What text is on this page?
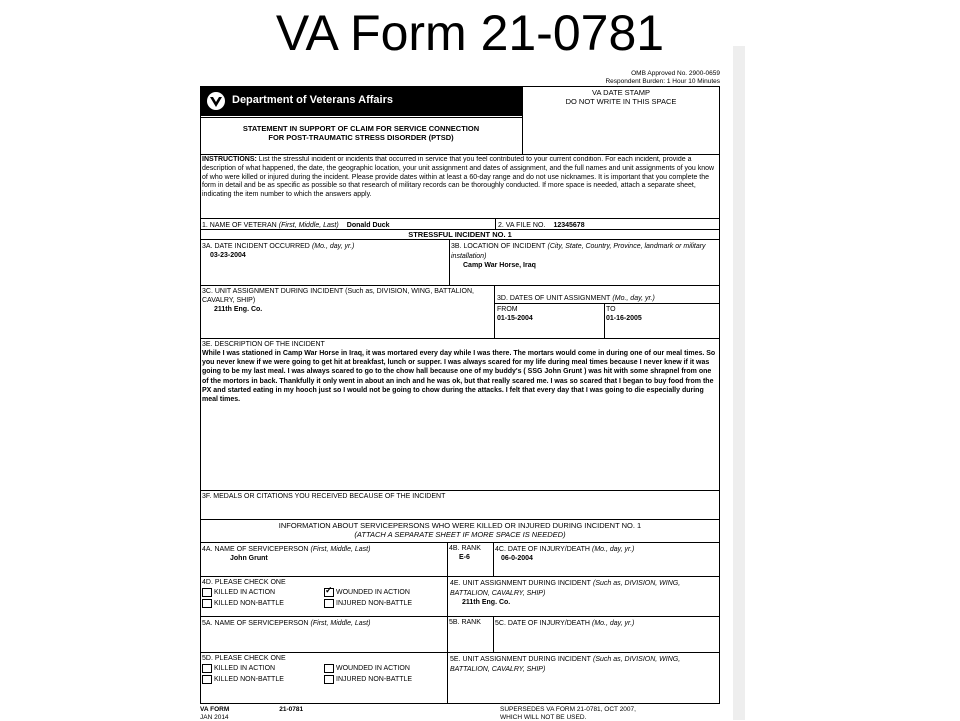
VA Form 21-0781
OMB Approved No. 2900-0659
Respondent Burden: 1 Hour 10 Minutes
Department of Veterans Affairs
STATEMENT IN SUPPORT OF CLAIM FOR SERVICE CONNECTION
FOR POST-TRAUMATIC STRESS DISORDER (PTSD)
VA DATE STAMP
DO NOT WRITE IN THIS SPACE
INSTRUCTIONS: List the stressful incident or incidents that occurred in service that you feel contributed to your current condition. For each incident, provide a description of what happened, the date, the geographic location, your unit assignment and dates of assignment, and the full names and unit assignments of you know of who were killed or injured during the incident. Please provide dates within at least a 60-day range and do not use nicknames. It is important that you complete the form in detail and be as specific as possible so that research of military records can be thoroughly conducted. If more space is needed, attach a separate sheet, indicating the item number to which the answers apply.
1. NAME OF VETERAN (First, Middle, Last) Donald Duck	2. VA FILE NO. 12345678
STRESSFUL INCIDENT NO. 1
3A. DATE INCIDENT OCCURRED (Mo., day, yr.)
03-23-2004
3B. LOCATION OF INCIDENT (City, State, Country, Province, landmark or military installation)
Camp War Horse, Iraq
3C. UNIT ASSIGNMENT DURING INCIDENT (Such as, DIVISION, WING, BATTALION, CAVALRY, SHIP)
211th Eng. Co.
3D. DATES OF UNIT ASSIGNMENT (Mo., day, yr.)
FROM
01-15-2004
TO
01-16-2005
3E. DESCRIPTION OF THE INCIDENT
While I was stationed in Camp War Horse in Iraq, it was mortared every day while I was there. The mortars would come in during one of our meal times. So you never knew if we were going to get hit at breakfast, lunch or supper. I was always scared for my life during meal times because I never knew if it was going to be my last meal. I was always scared to go to the chow hall because one of my buddy's ( SSG John Grunt ) was hit with some shrapnel from one of the mortors in back. Thankfully it only went in about an inch and he was ok, but that really scared me. I was so scared that I began to buy food from the PX and started eating in my hooch just so I would not be going to chow during the attacks. I felt that every day that I was going to die especially during meal times.
3F. MEDALS OR CITATIONS YOU RECEIVED BECAUSE OF THE INCIDENT
INFORMATION ABOUT SERVICEPERSONS WHO WERE KILLED OR INJURED DURING INCIDENT NO. 1
(ATTACH A SEPARATE SHEET IF MORE SPACE IS NEEDED)
4A. NAME OF SERVICEPERSON (First, Middle, Last)
John Grunt
4B. RANK
E-6
4C. DATE OF INJURY/DEATH (Mo., day, yr.)
06-0-2004
4D. PLEASE CHECK ONE
KILLED IN ACTION
✓	WOUNDED IN ACTION
KILLED NON-BATTLE	INJURED NON-BATTLE
4E. UNIT ASSIGNMENT DURING INCIDENT (Such as, DIVISION, WING, BATTALION, CAVALRY, SHIP)
211th Eng. Co.
5A. NAME OF SERVICEPERSON (First, Middle, Last)	5B. RANK	5C. DATE OF INJURY/DEATH (Mo., day, yr.)
5D. PLEASE CHECK ONE
KILLED IN ACTION	WOUNDED IN ACTION
KILLED NON-BATTLE	INJURED NON-BATTLE
5E. UNIT ASSIGNMENT DURING INCIDENT (Such as, DIVISION, WING, BATTALION, CAVALRY, SHIP)
VA FORM	21-0781
JAN 2014
SUPERSEDES VA FORM 21-0781, OCT 2007,
WHICH WILL NOT BE USED.
